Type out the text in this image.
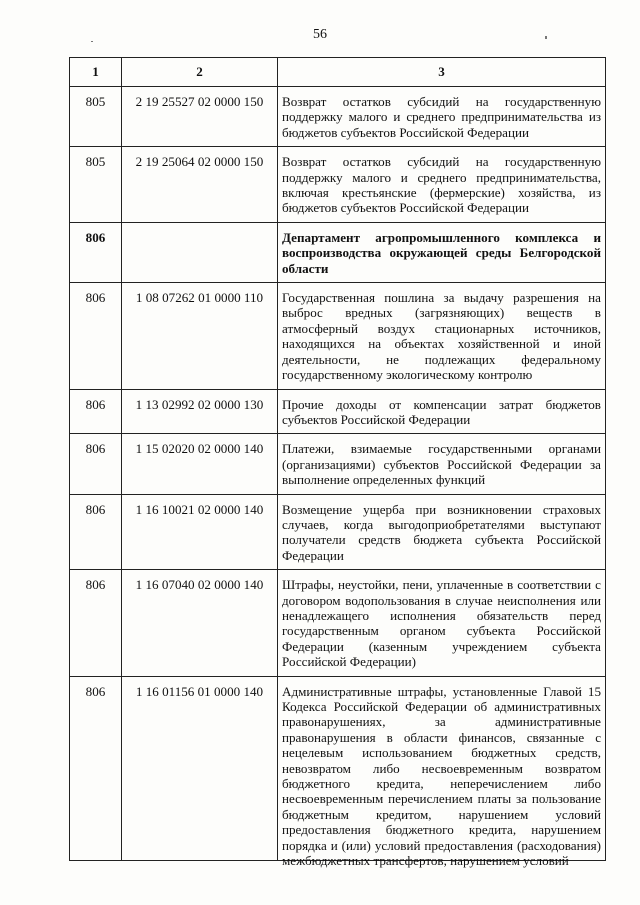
56
1	2	3
805	2 19 25527 02 0000 150	Возврат остатков субсидий на государственную поддержку малого и среднего предпринимательства из бюджетов субъектов Российской Федерации
805	2 19 25064 02 0000 150	Возврат остатков субсидий на государственную поддержку малого и среднего предпринимательства, включая крестьянские (фермерские) хозяйства, из бюджетов субъектов Российской Федерации
806		Департамент агропромышленного комплекса и воспроизводства окружающей среды Белгородской области
806	1 08 07262 01 0000 110	Государственная пошлина за выдачу разрешения на выброс вредных (загрязняющих) веществ в атмосферный воздух стационарных источников, находящихся на объектах хозяйственной и иной деятельности, не подлежащих федеральному государственному экологическому контролю
806	1 13 02992 02 0000 130	Прочие доходы от компенсации затрат бюджетов субъектов Российской Федерации
806	1 15 02020 02 0000 140	Платежи, взимаемые государственными органами (организациями) субъектов Российской Федерации за выполнение определенных функций
806	1 16 10021 02 0000 140	Возмещение ущерба при возникновении страховых случаев, когда выгодоприобретателями выступают получатели средств бюджета субъекта Российской Федерации
806	1 16 07040 02 0000 140	Штрафы, неустойки, пени, уплаченные в соответствии с договором водопользования в случае неисполнения или ненадлежащего исполнения обязательств перед государственным органом субъекта Российской Федерации (казенным учреждением субъекта Российской Федерации)
806	1 16 01156 01 0000 140	Административные штрафы, установленные Главой 15 Кодекса Российской Федерации об административных правонарушениях, за административные правонарушения в области финансов, связанные с нецелевым использованием бюджетных средств, невозвратом либо несвоевременным возвратом бюджетного кредита, неперечислением либо несвоевременным перечислением платы за пользование бюджетным кредитом, нарушением условий предоставления бюджетного кредита, нарушением порядка и (или) условий предоставления (расходования) межбюджетных трансфертов, нарушением условий
